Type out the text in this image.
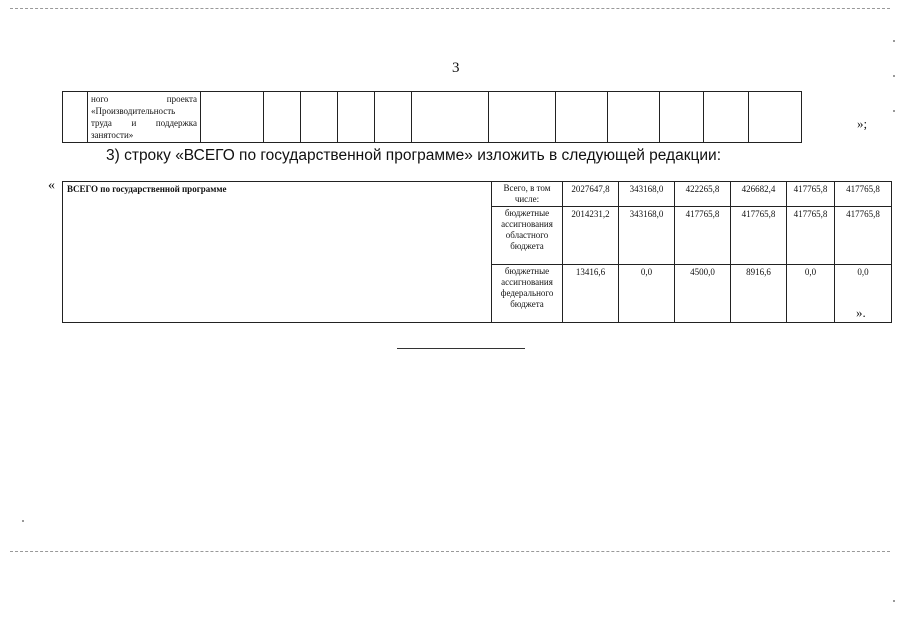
3

ного проекта «Производительность труда и поддержка занятости»

»;
3) строку «ВСЕГО по государственной программе» изложить в следующей редакции:
« ВСЕГО по государственной программе	Всего, в том числе:	2027647,8	343168,0	422265,8	426682,4	417765,8	417765,8
	бюджетные ассигнования областного бюджета	2014231,2	343168,0	417765,8	417765,8	417765,8	417765,8
	бюджетные ассигнования федерального бюджета	13416,6	0,0	4500,0	8916,6	0,0	0,0
».
